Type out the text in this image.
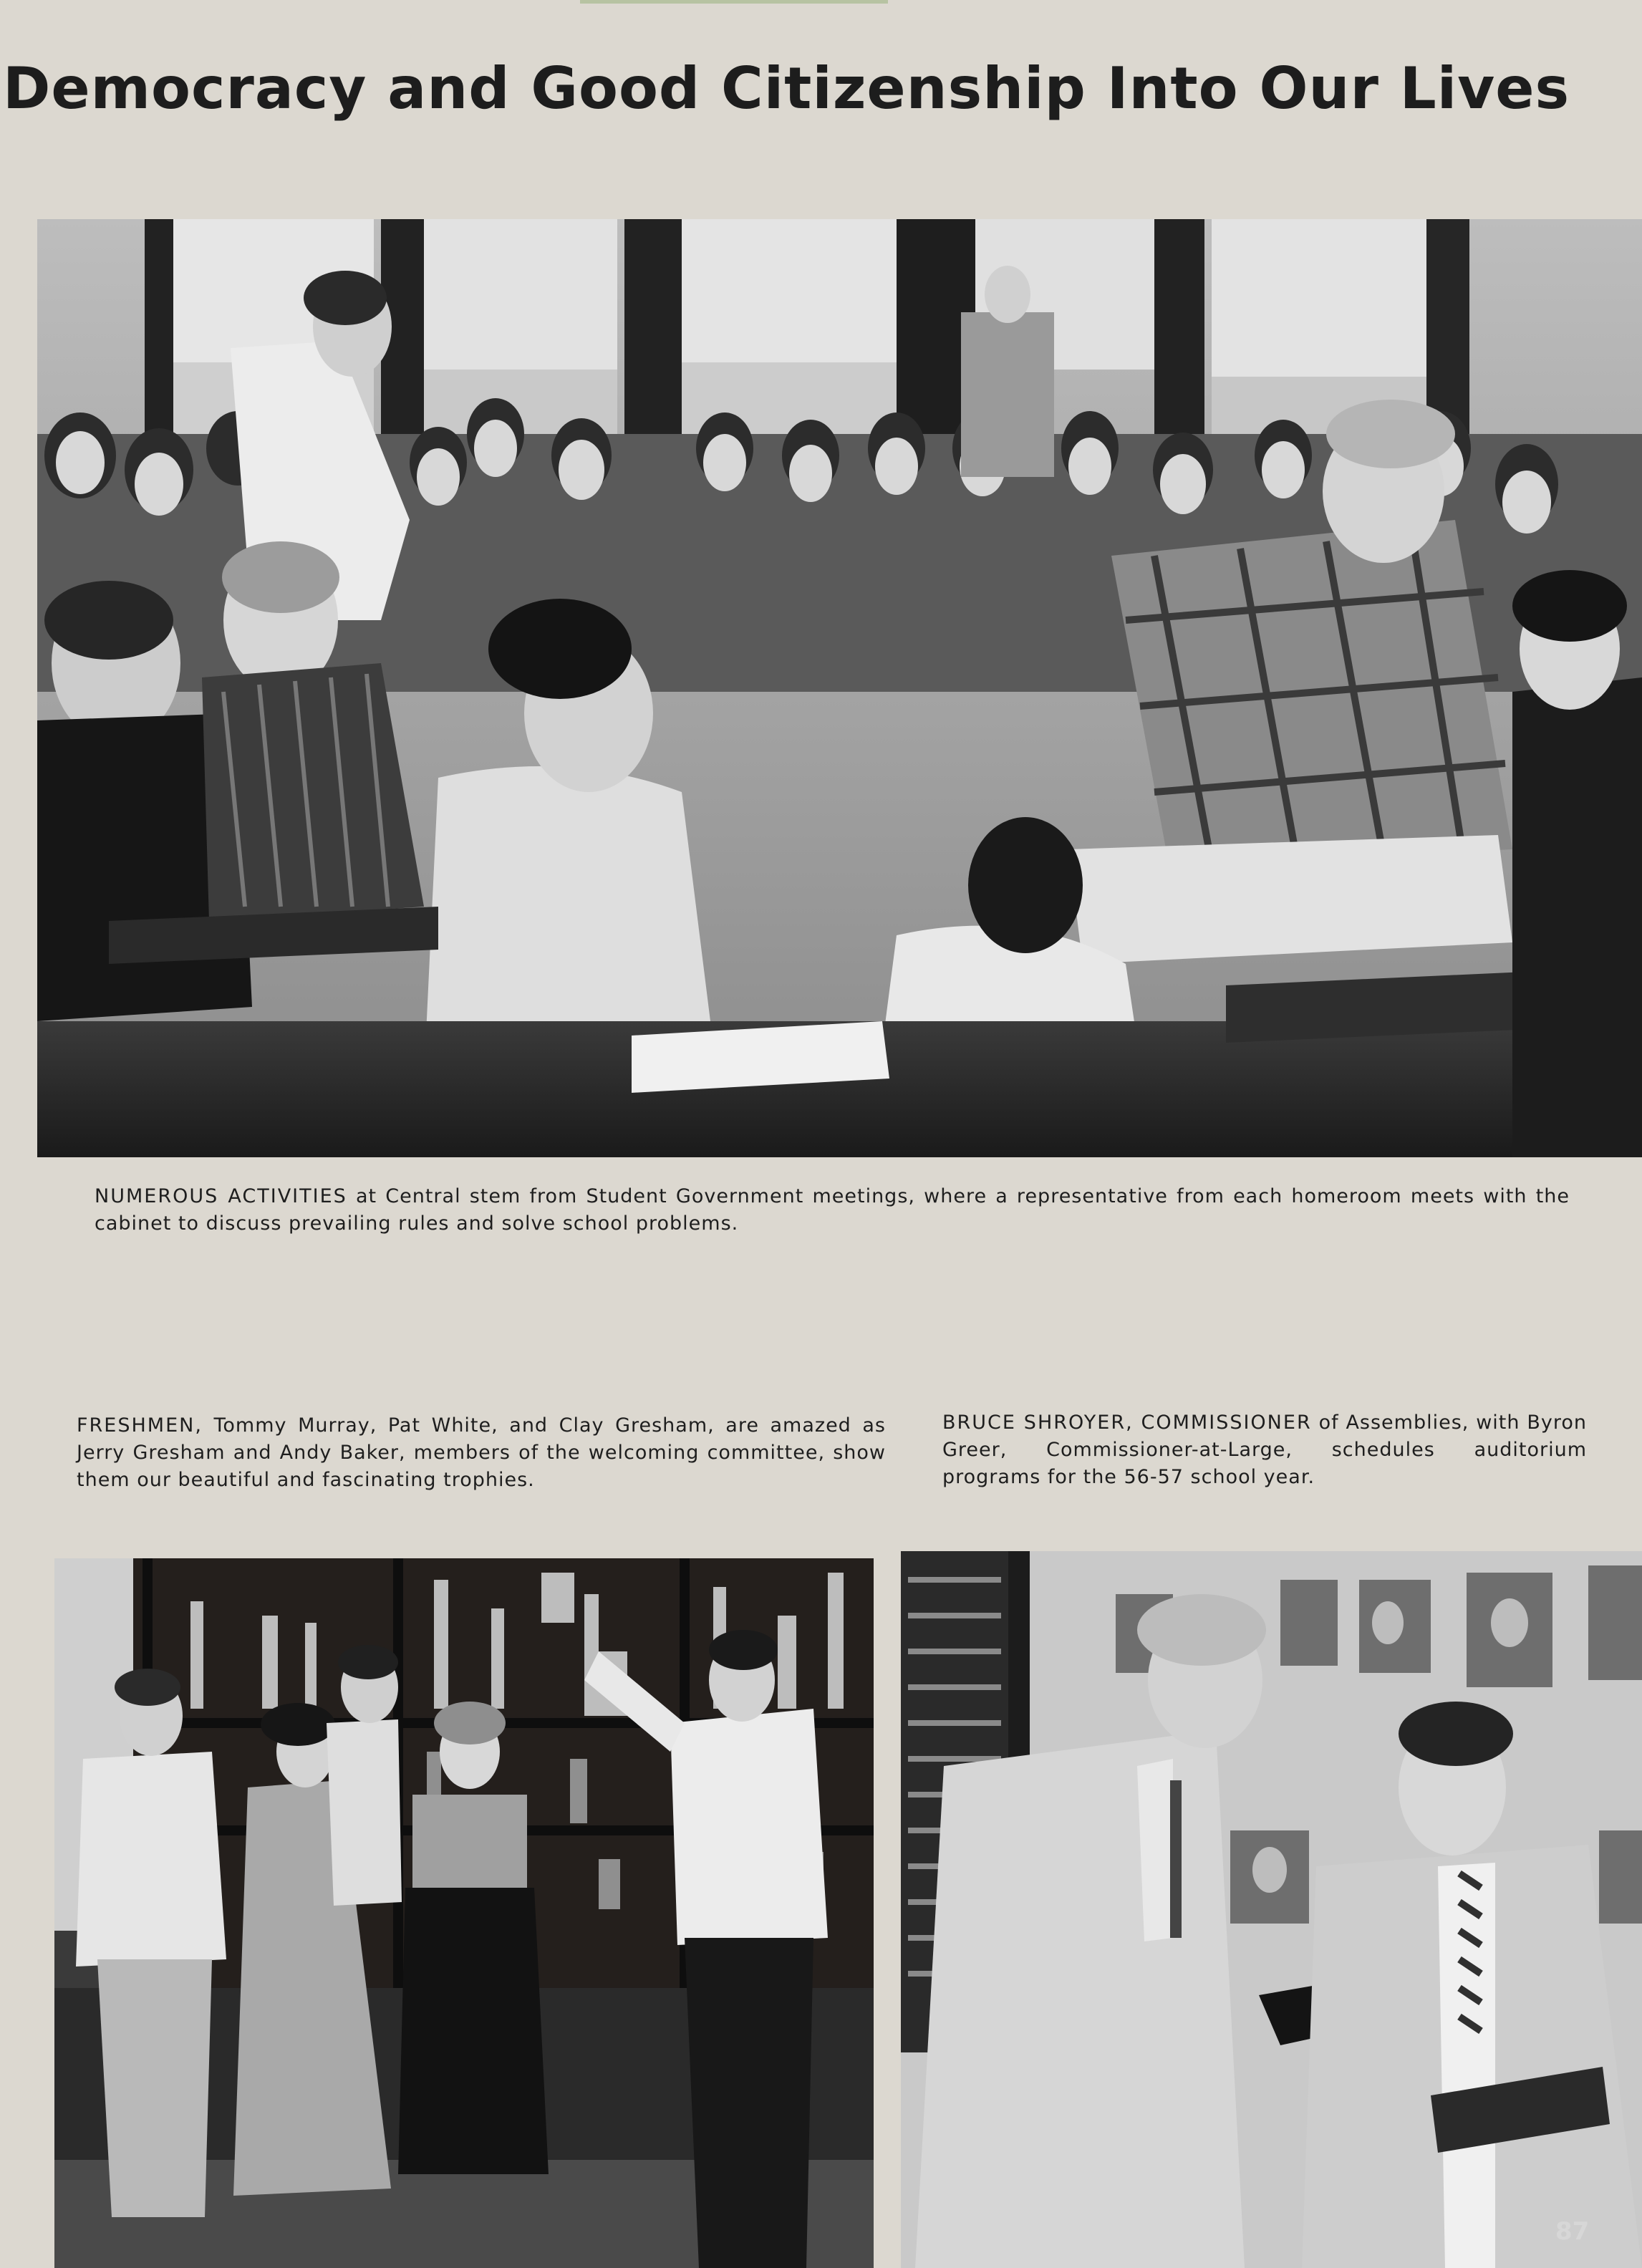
Democracy and Good Citizenship Into Our Lives

NUMEROUS ACTIVITIES at Central stem from Student Government meetings, where a representative from each homeroom meets with the cabinet to discuss prevailing rules and solve school problems.

FRESHMEN, Tommy Murray, Pat White, and Clay Gresham, are amazed as Jerry Gresham and Andy Baker, members of the welcoming committee, show them our beautiful and fascinating trophies.

BRUCE SHROYER, COMMISSIONER of Assemblies, with Byron Greer, Commissioner-at-Large, schedules auditorium programs for the 56-57 school year.

87
